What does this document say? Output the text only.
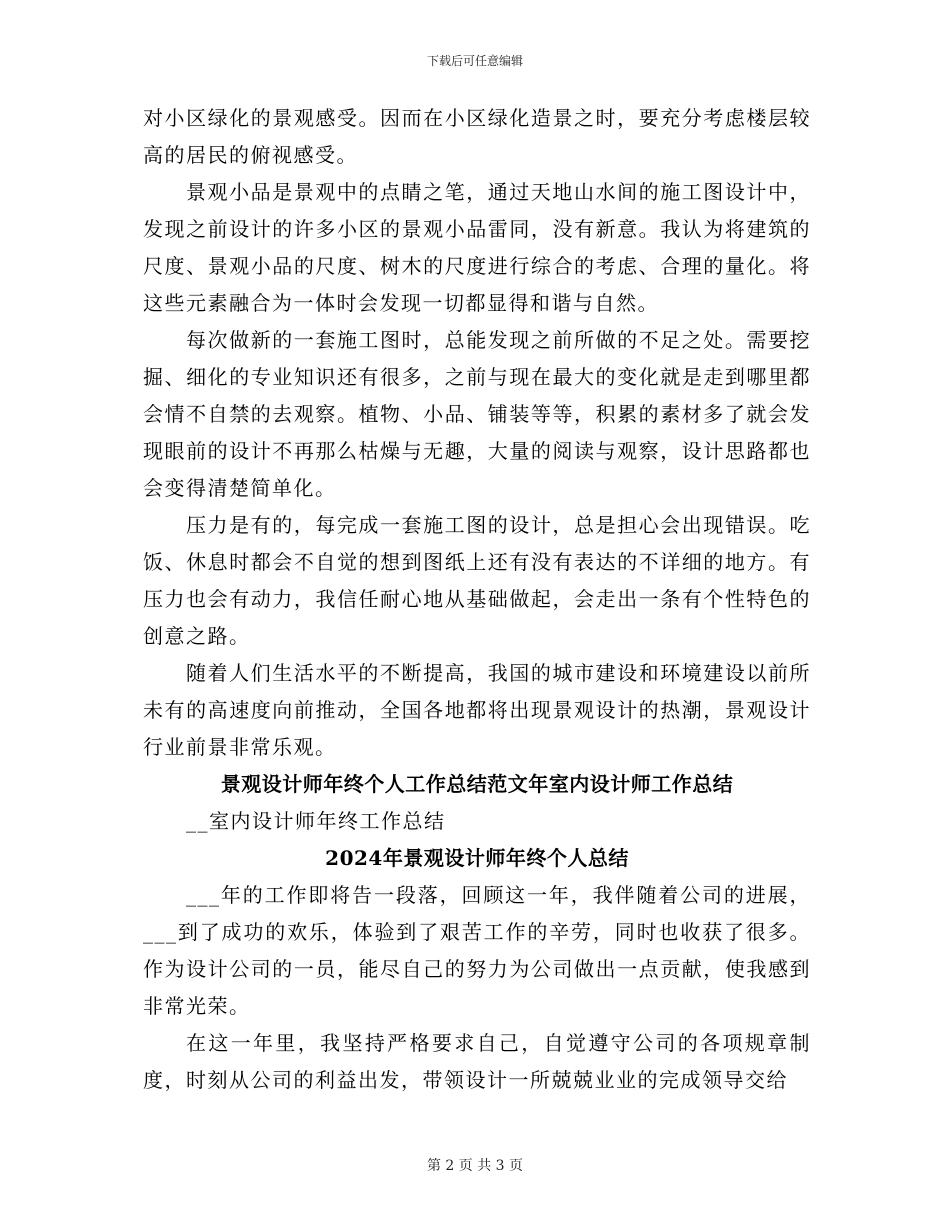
下载后可任意编辑

对小区绿化的景观感受。因而在小区绿化造景之时，要充分考虑楼层较高的居民的俯视感受。

景观小品是景观中的点睛之笔，通过天地山水间的施工图设计中，发现之前设计的许多小区的景观小品雷同，没有新意。我认为将建筑的尺度、景观小品的尺度、树木的尺度进行综合的考虑、合理的量化。将这些元素融合为一体时会发现一切都显得和谐与自然。

每次做新的一套施工图时，总能发现之前所做的不足之处。需要挖掘、细化的专业知识还有很多，之前与现在最大的变化就是走到哪里都会情不自禁的去观察。植物、小品、铺装等等，积累的素材多了就会发现眼前的设计不再那么枯燥与无趣，大量的阅读与观察，设计思路都也会变得清楚简单化。

压力是有的，每完成一套施工图的设计，总是担心会出现错误。吃饭、休息时都会不自觉的想到图纸上还有没有表达的不详细的地方。有压力也会有动力，我信任耐心地从基础做起，会走出一条有个性特色的创意之路。

随着人们生活水平的不断提高，我国的城市建设和环境建设以前所未有的高速度向前推动，全国各地都将出现景观设计的热潮，景观设计行业前景非常乐观。

景观设计师年终个人工作总结范文年室内设计师工作总结

__室内设计师年终工作总结

2024年景观设计师年终个人总结

___年的工作即将告一段落，回顾这一年，我伴随着公司的进展，___到了成功的欢乐，体验到了艰苦工作的辛劳，同时也收获了很多。作为设计公司的一员，能尽自己的努力为公司做出一点贡献，使我感到非常光荣。

在这一年里，我坚持严格要求自己，自觉遵守公司的各项规章制度，时刻从公司的利益出发，带领设计一所兢兢业业的完成领导交给

第 2 页 共 3 页
